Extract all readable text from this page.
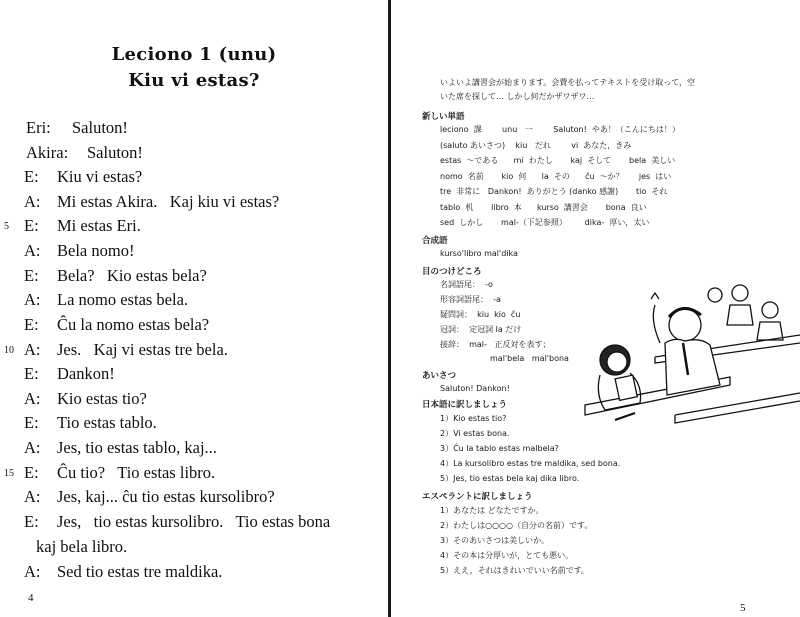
Leciono 1 (unu)
Kiu vi estas?
Eri: Saluton!
Akira: Saluton!
E: Kiu vi estas?
A: Mi estas Akira.   Kaj kiu vi estas?
5 E: Mi estas Eri.
A: Bela nomo!
E: Bela?   Kio estas bela?
A: La nomo estas bela.
E: Ĉu la nomo estas bela?
10 A: Jes.   Kaj vi estas tre bela.
E: Dankon!
A: Kio estas tio?
E: Tio estas tablo.
A: Jes, tio estas tablo, kaj...
15 E: Ĉu tio?   Tio estas libro.
A: Jes, kaj... ĉu tio estas kursolibro?
E: Jes,   tio estas kursolibro.   Tio estas bona
kaj bela libro.
A: Sed tio estas tre maldika.
4
いよいよ講習会が始まります。会費を払ってテキストを受け取って，空
いた席を探して… しかし何だかザワザワ…
新しい単語
leciono  課        unu   一        Saluton!  やあ！（こんにちは！）
(saluto あいさつ)    kiu   だれ        vi  あなた，きみ
estas  ～である      mi  わたし       kaj  そして       bela  美しい
nomo  名前       kio  何      la  その      ĉu  ～か？      jes  はい
tre  非常に   Dankon!  ありがとう (danko 感謝)       tio  それ
tablo  机       libro  本      kurso  講習会       bona  良い
sed  しかし       mal-（下記参照）       dika-  厚い，太い
合成語
kurso'libro mal'dika
目のつけどころ
名詞語尾：  -o
形容詞語尾：  -a
疑問詞：  kiu  kio  ĉu
冠詞：  定冠詞 la だけ
接辞：  mal-   正反対を表す；
mal'bela   mal'bona
あいさつ
Saluton! Dankon!
日本語に訳しましょう
1）Kio estas tio?
2）Vi estas bona.
3）Ĉu la tablo estas malbela?
4）La kursolibro estas tre maldika, sed bona.
5）Jes, tio estas bela kaj dika libro.
エスペラントに訳しましょう
1）あなたは どなたですか。
2）わたしは○○○○（自分の名前）です。
3）そのあいさつは美しいか。
4）その本は分厚いが，とても悪い。
5）ええ，それはきれいでいい名前です。
5
